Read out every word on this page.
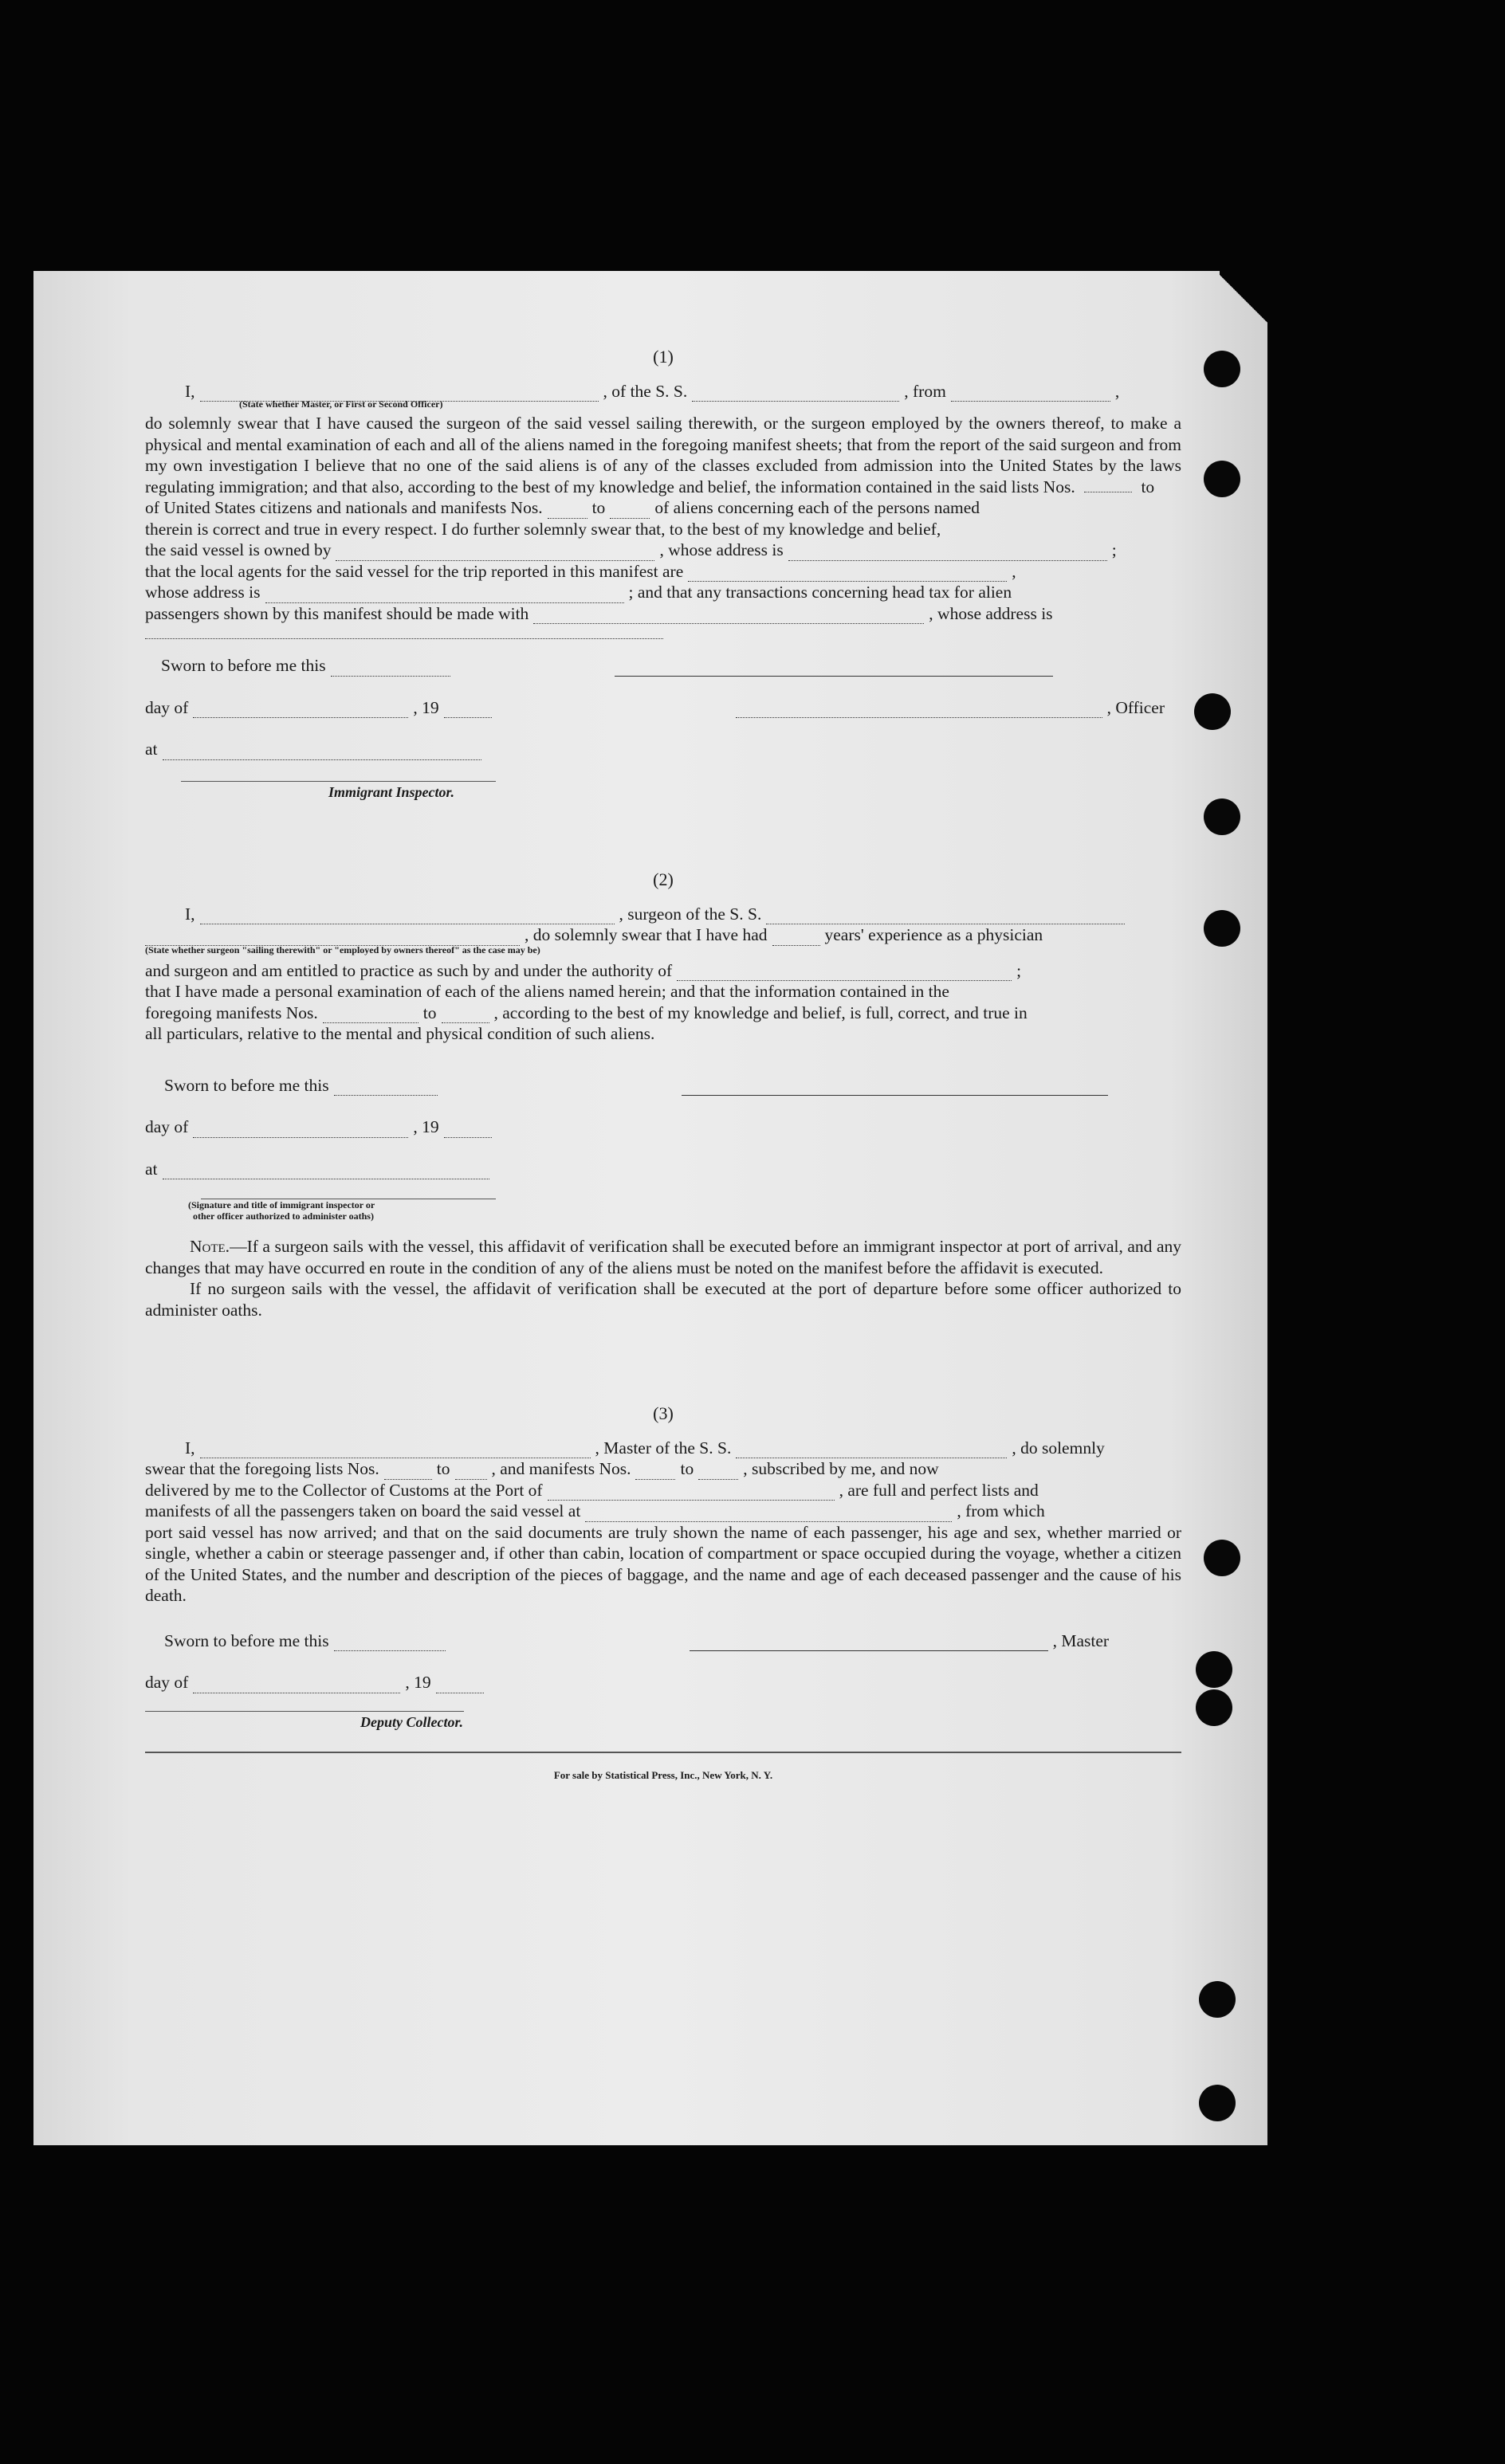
(1)
I,	, of the S. S.	, from	,
(State whether Master, or First or Second Officer)
do solemnly swear that I have caused the surgeon of the said vessel sailing therewith, or the surgeon employed by the owners thereof, to make a physical and mental examination of each and all of the aliens named in the foregoing manifest sheets; that from the report of the said surgeon and from my own investigation I believe that no one of the said aliens is of any of the classes excluded from admission into the United States by the laws regulating immigration; and that also, according to the best of my knowledge and belief, the information contained in the said lists Nos.	to
of United States citizens and nationals and manifests Nos.	to	of aliens concerning each of the persons named
therein is correct and true in every respect. I do further solemnly swear that, to the best of my knowledge and belief,
the said vessel is owned by	, whose address is	;
that the local agents for the said vessel for the trip reported in this manifest are	,
whose address is	; and that any transactions concerning head tax for alien
passengers shown by this manifest should be made with	, whose address is
Sworn to before me this
day of	, 19	, Officer
at
Immigrant Inspector.
(2)
I,	, surgeon of the S. S.
, do solemnly swear that I have had	years' experience as a physician
(State whether surgeon "sailing therewith" or "employed by owners thereof" as the case may be)
and surgeon and am entitled to practice as such by and under the authority of	;
that I have made a personal examination of each of the aliens named herein; and that the information contained in the
foregoing manifests Nos.	to	, according to the best of my knowledge and belief, is full, correct, and true in
all particulars, relative to the mental and physical condition of such aliens.
Sworn to before me this
day of	, 19
at
(Signature and title of immigrant inspector or
other officer authorized to administer oaths)
Note.—If a surgeon sails with the vessel, this affidavit of verification shall be executed before an immigrant inspector at port of arrival, and any changes that may have occurred en route in the condition of any of the aliens must be noted on the manifest before the affidavit is executed.
If no surgeon sails with the vessel, the affidavit of verification shall be executed at the port of departure before some officer authorized to administer oaths.
(3)
I,	, Master of the S. S.	, do solemnly
swear that the foregoing lists Nos.	to , and manifests Nos.	to	, subscribed by me, and now
delivered by me to the Collector of Customs at the Port of	, are full and perfect lists and
manifests of all the passengers taken on board the said vessel at	, from which
port said vessel has now arrived; and that on the said documents are truly shown the name of each passenger, his age and sex, whether married or single, whether a cabin or steerage passenger and, if other than cabin, location of compartment or space occupied during the voyage, whether a citizen of the United States, and the number and description of the pieces of baggage, and the name and age of each deceased passenger and the cause of his death.
Sworn to before me this	, Master
day of	, 19
Deputy Collector.
For sale by Statistical Press, Inc., New York, N. Y.
